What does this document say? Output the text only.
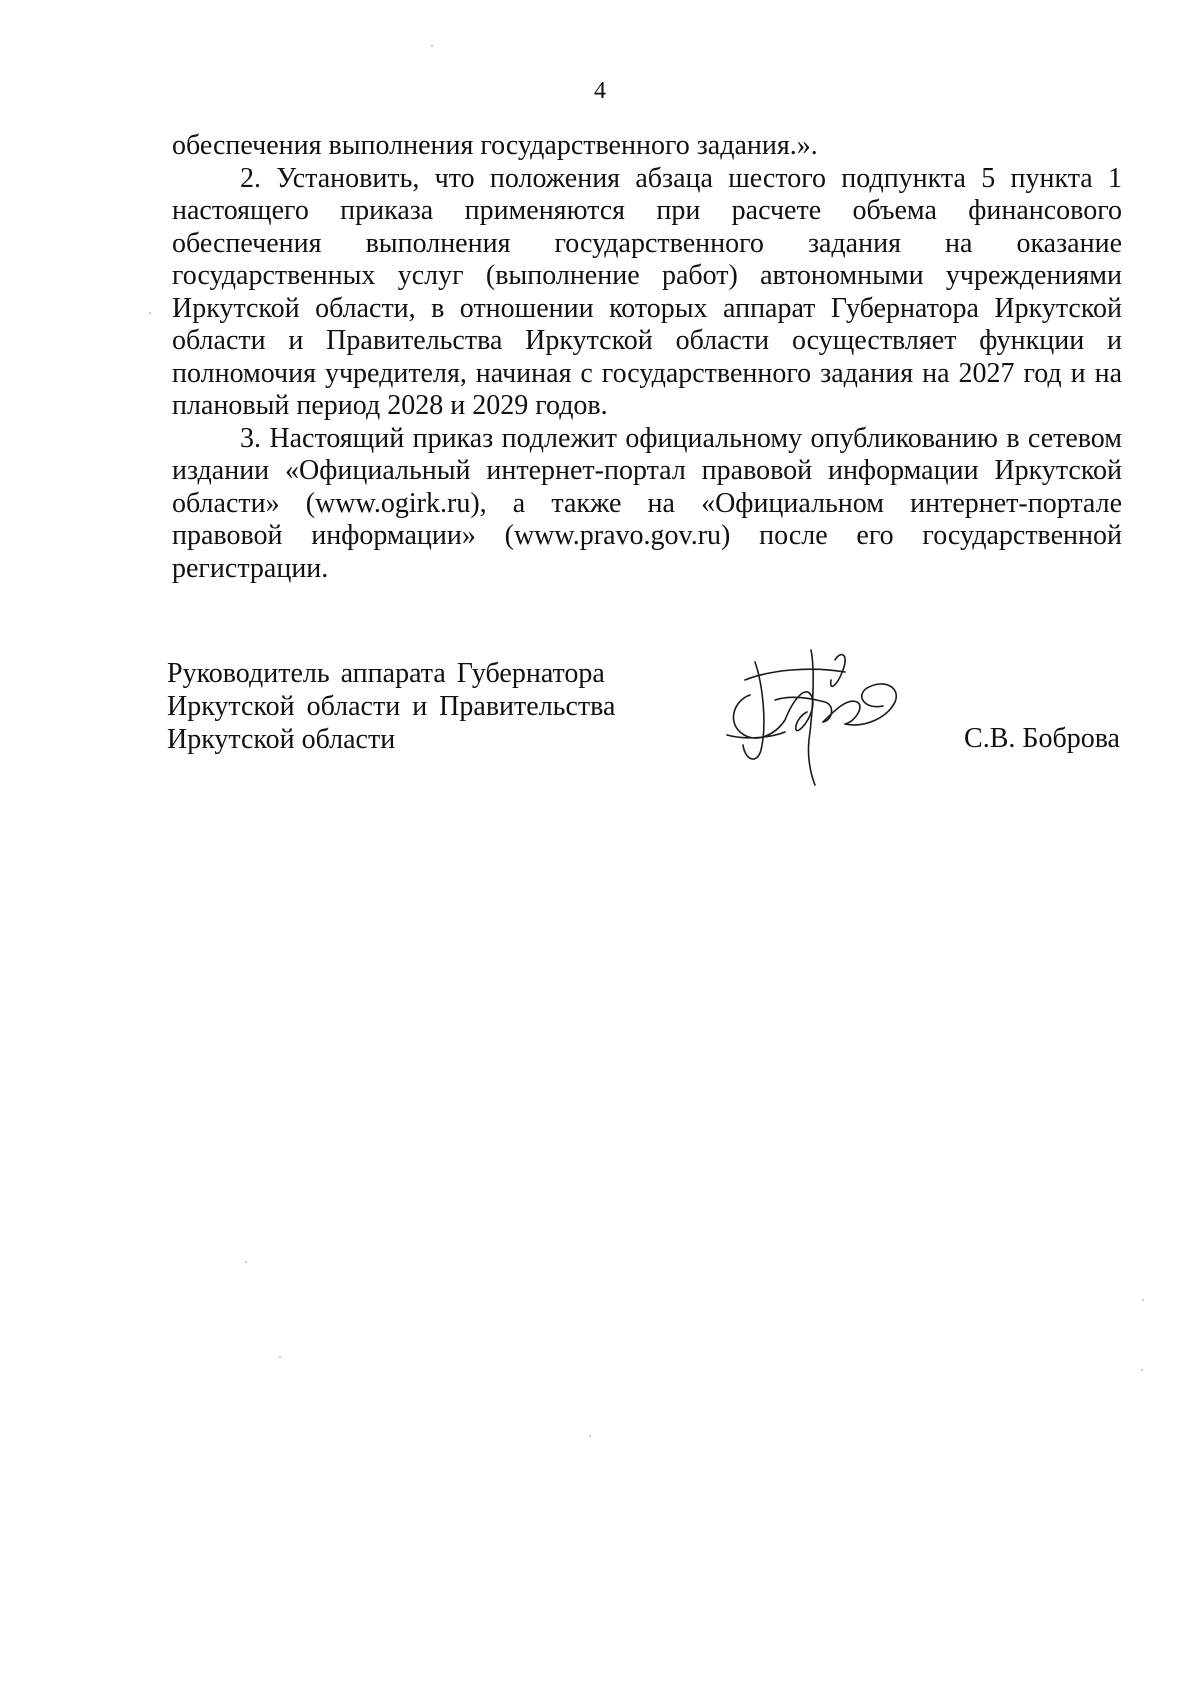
4

обеспечения выполнения государственного задания.».

2. Установить, что положения абзаца шестого подпункта 5 пункта 1 настоящего приказа применяются при расчете объема финансового обеспечения выполнения государственного задания на оказание государственных услуг (выполнение работ) автономными учреждениями Иркутской области, в отношении которых аппарат Губернатора Иркутской области и Правительства Иркутской области осуществляет функции и полномочия учредителя, начиная с государственного задания на 2027 год и на плановый период 2028 и 2029 годов.

3. Настоящий приказ подлежит официальному опубликованию в сетевом издании «Официальный интернет-портал правовой информации Иркутской области» (www.ogirk.ru), а также на «Официальном интернет-портале правовой информации» (www.pravo.gov.ru) после его государственной регистрации.

Руководитель аппарата Губернатора
Иркутской области и Правительства
Иркутской области	С.В. Боброва
